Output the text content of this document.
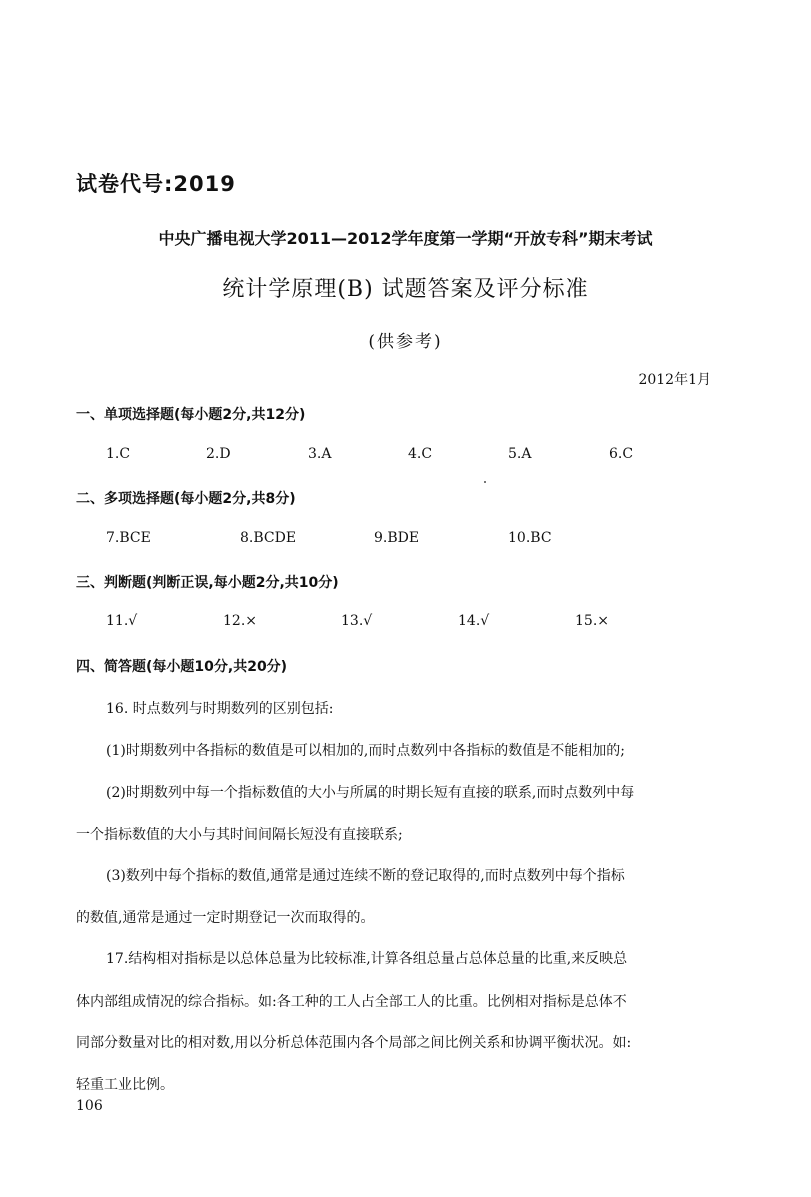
试卷代号:2019
中央广播电视大学2011—2012学年度第一学期“开放专科”期末考试
统计学原理(B) 试题答案及评分标准
(供参考)
2012年1月
一、单项选择题(每小题2分,共12分)
1.C	2.D	3.A	4.C	5.A	6.C
二、多项选择题(每小题2分,共8分)
7.BCE	8.BCDE	9.BDE	10.BC
三、判断题(判断正误,每小题2分,共10分)
11.√	12.×	13.√	14.√	15.×
四、简答题(每小题10分,共20分)
16. 时点数列与时期数列的区别包括:
(1)时期数列中各指标的数值是可以相加的,而时点数列中各指标的数值是不能相加的;
(2)时期数列中每一个指标数值的大小与所属的时期长短有直接的联系,而时点数列中每
一个指标数值的大小与其时间间隔长短没有直接联系;
(3)数列中每个指标的数值,通常是通过连续不断的登记取得的,而时点数列中每个指标
的数值,通常是通过一定时期登记一次而取得的。
17.结构相对指标是以总体总量为比较标准,计算各组总量占总体总量的比重,来反映总
体内部组成情况的综合指标。如:各工种的工人占全部工人的比重。比例相对指标是总体不
同部分数量对比的相对数,用以分析总体范围内各个局部之间比例关系和协调平衡状况。如:
轻重工业比例。
106
